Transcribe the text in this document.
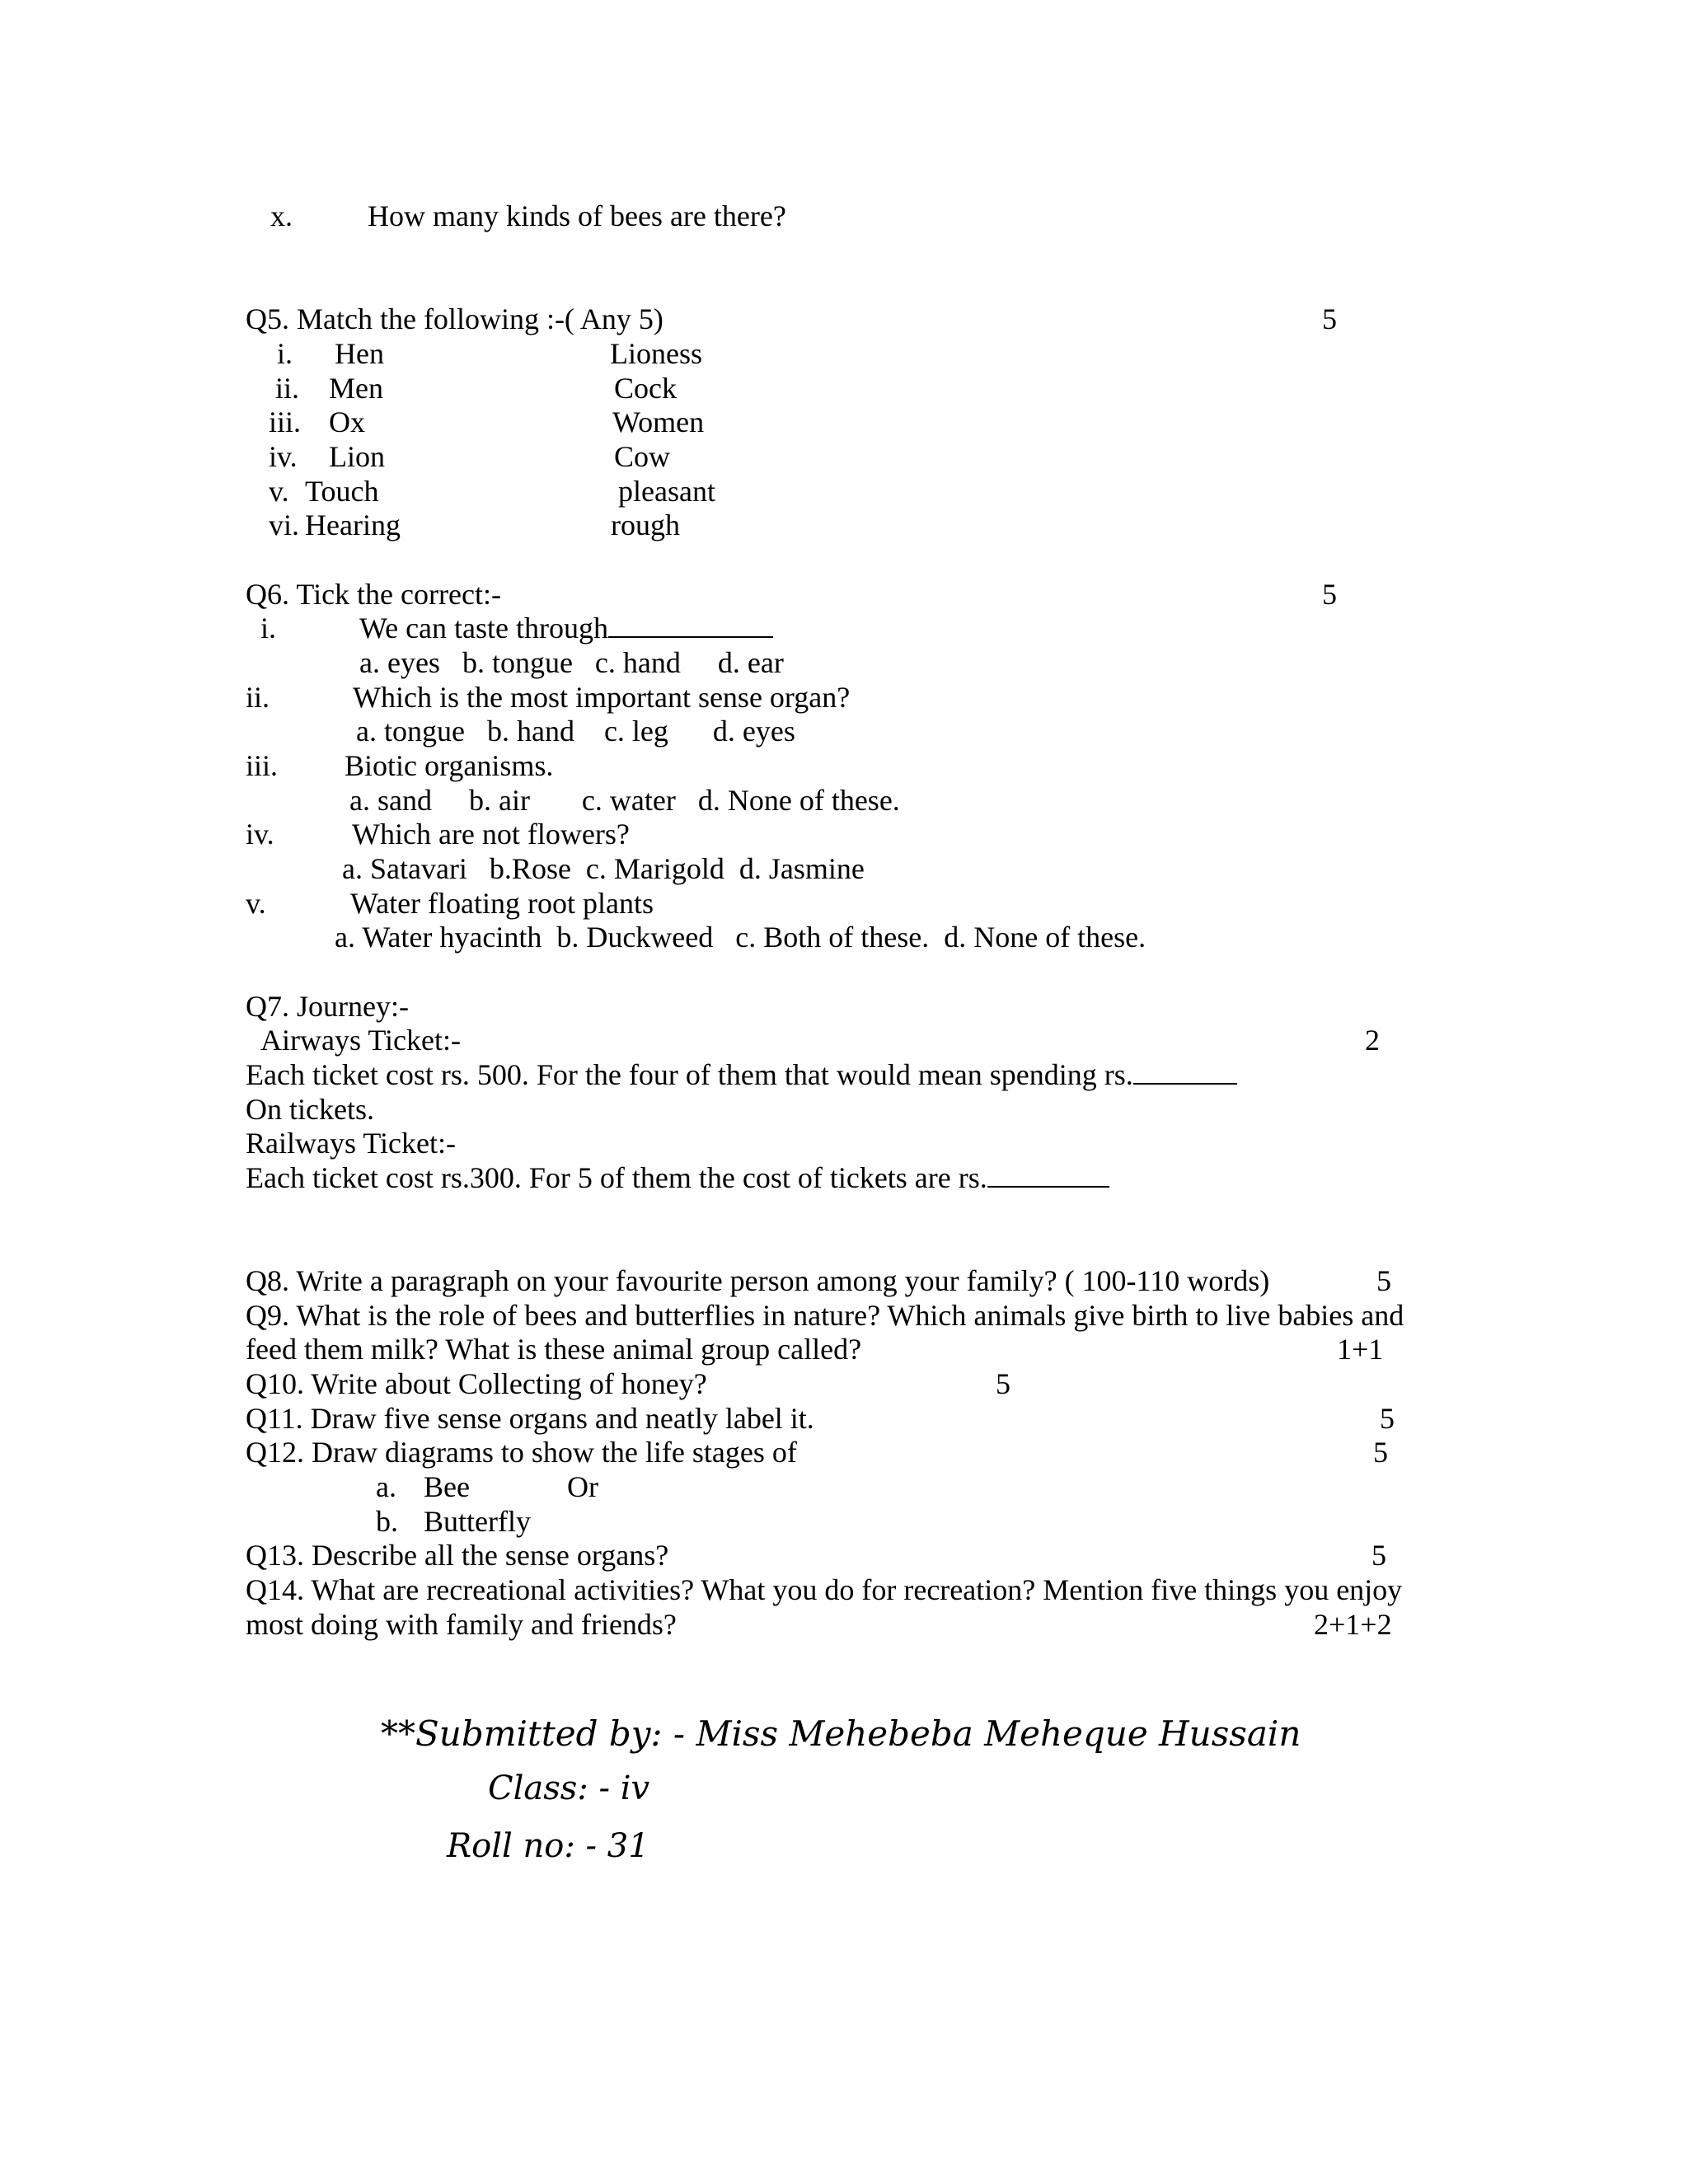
x.	How many kinds of bees are there?
Q5. Match the following :-( Any 5)	5
i. Hen	Lioness
ii. Men	Cock
iii. Ox	Women
iv. Lion	Cow
v. Touch	pleasant
vi. Hearing	rough
Q6. Tick the correct:-	5
i.	We can taste through
a. eyes   b. tongue   c. hand     d. ear
ii.	Which is the most important sense organ?
a. tongue   b. hand    c. leg      d. eyes
iii. Biotic organisms.
a. sand     b. air       c. water   d. None of these.
iv.	Which are not flowers?
a. Satavari   b.Rose  c. Marigold  d. Jasmine
v.	Water floating root plants
a. Water hyacinth  b. Duckweed   c. Both of these.  d. None of these.
Q7. Journey:-
Airways Ticket:-	2
Each ticket cost rs. 500. For the four of them that would mean spending rs.
On tickets.
Railways Ticket:-
Each ticket cost rs.300. For 5 of them the cost of tickets are rs.
Q8. Write a paragraph on your favourite person among your family? ( 100-110 words)	5
Q9. What is the role of bees and butterflies in nature? Which animals give birth to live babies and
feed them milk? What is these animal group called?	1+1
Q10. Write about Collecting of honey?	5
Q11. Draw five sense organs and neatly label it.	5
Q12. Draw diagrams to show the life stages of	5
a. Bee	Or
b. Butterfly
Q13. Describe all the sense organs?	5
Q14. What are recreational activities? What you do for recreation? Mention five things you enjoy
most doing with family and friends?	2+1+2
**Submitted by: - Miss Mehebeba Meheque Hussain
Class: - iv
Roll no: - 31
